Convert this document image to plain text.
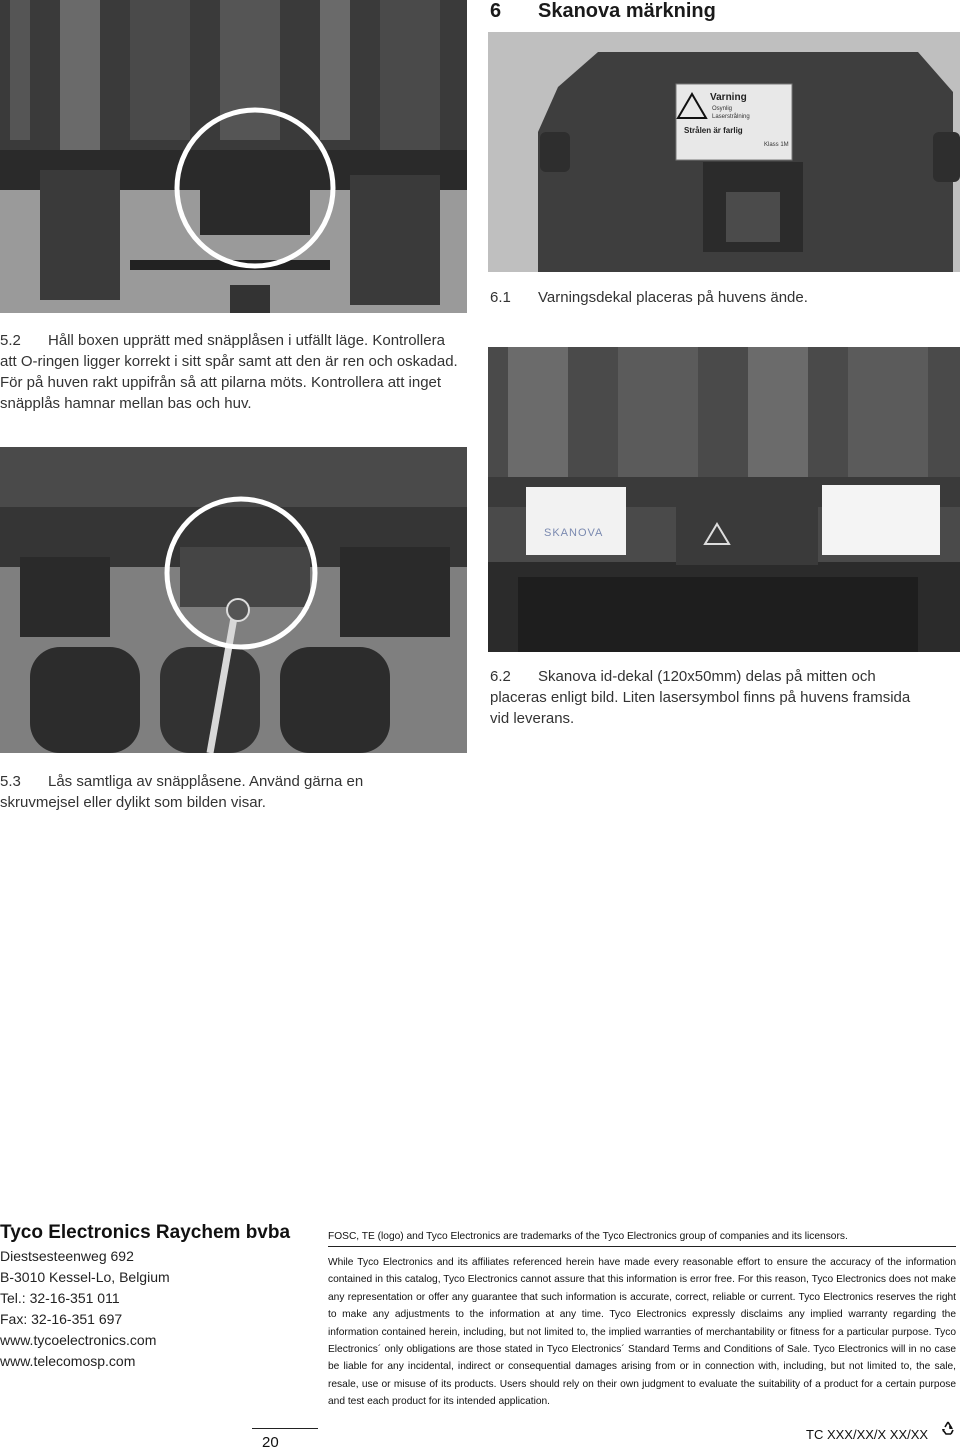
6 Skanova märkning
Varning
Osynlig
Laserstrålning
Strålen är farlig
Klass 1M
6.1 Varningsdekal placeras på huvens ände.
5.2 Håll boxen upprätt med snäpplåsen i utfällt läge. Kontrollera att O-ringen ligger korrekt i sitt spår samt att den är ren och oskadad. För på huven rakt uppifrån så att pilarna möts. Kontrollera att inget snäpplås hamnar mellan bas och huv.
SKANOVA
6.2 Skanova id-dekal (120x50mm) delas på mitten och placeras enligt bild. Liten lasersymbol finns på huvens framsida vid leverans.
5.3 Lås samtliga av snäpplåsene. Använd gärna en skruvmejsel eller dylikt som bilden visar.
Tyco Electronics Raychem bvba
Diestsesteenweg 692
B-3010 Kessel-Lo, Belgium
Tel.: 32-16-351 011
Fax: 32-16-351 697
www.tycoelectronics.com
www.telecomosp.com
FOSC, TE (logo) and Tyco Electronics are trademarks of the Tyco Electronics group of companies and its licensors.
While Tyco Electronics and its affiliates referenced herein have made every reasonable effort to ensure the accuracy of the information contained in this catalog, Tyco Electronics cannot assure that this information is error free. For this reason, Tyco Electronics does not make any representation or offer any guarantee that such information is accurate, correct, reliable or current. Tyco Electronics reserves the right to make any adjustments to the information at any time. Tyco Electronics expressly disclaims any implied warranty regarding the information contained herein, including, but not limited to, the implied warranties of merchantability or fitness for a particular purpose. Tyco Electronics´ only obligations are those stated in Tyco Electronics´ Standard Terms and Conditions of Sale. Tyco Electronics will in no case be liable for any incidental, indirect or consequential damages arising from or in connection with, including, but not limited to, the sale, resale, use or misuse of its products. Users should rely on their own judgment to evaluate the suitability of a product for a certain purpose and test each product for its intended application.
20	TC XXX/XX/X XX/XX
